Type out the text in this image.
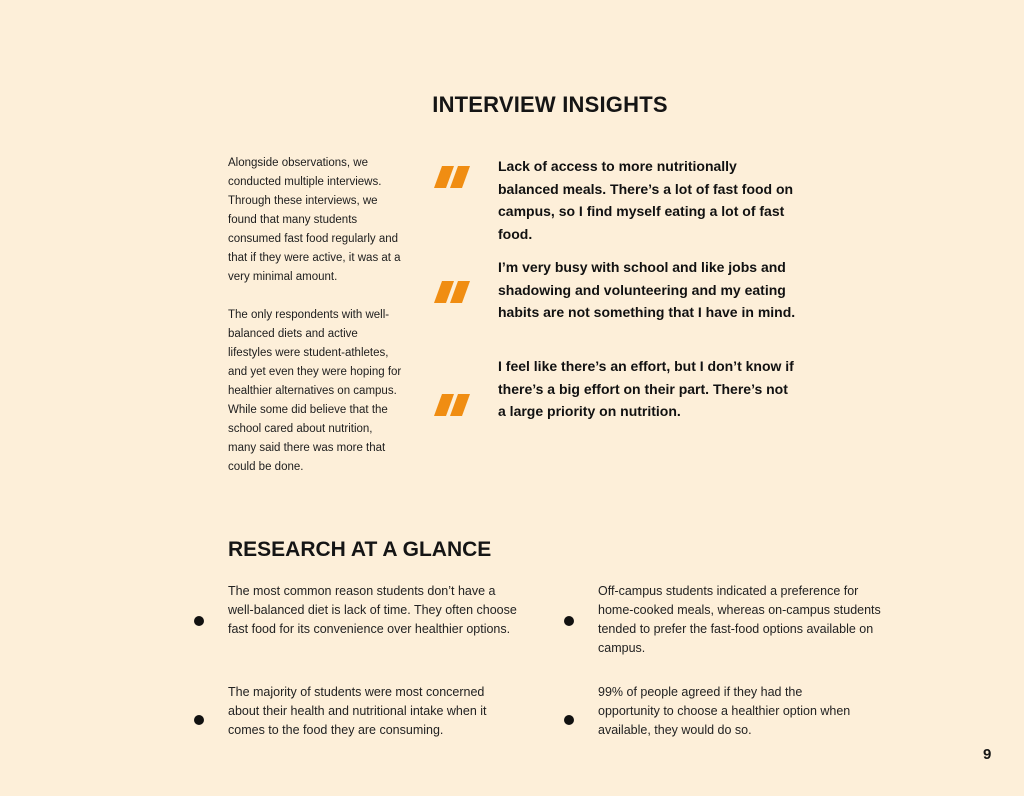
INTERVIEW INSIGHTS

Alongside observations, we conducted multiple interviews. Through these interviews, we found that many students consumed fast food regularly and that if they were active, it was at a very minimal amount.

The only respondents with well-balanced diets and active lifestyles were student-athletes, and yet even they were hoping for healthier alternatives on campus. While some did believe that the school cared about nutrition, many said there was more that could be done.

Lack of access to more nutritionally balanced meals. There’s a lot of fast food on campus, so I find myself eating a lot of fast food.
I’m very busy with school and like jobs and shadowing and volunteering and my eating habits are not something that I have in mind.
I feel like there’s an effort, but I don’t know if there’s a big effort on their part. There’s not a large priority on nutrition.
RESEARCH AT A GLANCE
The most common reason students don’t have a well-balanced diet is lack of time. They often choose fast food for its convenience over healthier options.
Off-campus students indicated a preference for home-cooked meals, whereas on-campus students tended to prefer the fast-food options available on campus.
The majority of students were most concerned about their health and nutritional intake when it comes to the food they are consuming.
99% of people agreed if they had the opportunity to choose a healthier option when available, they would do so.
9
